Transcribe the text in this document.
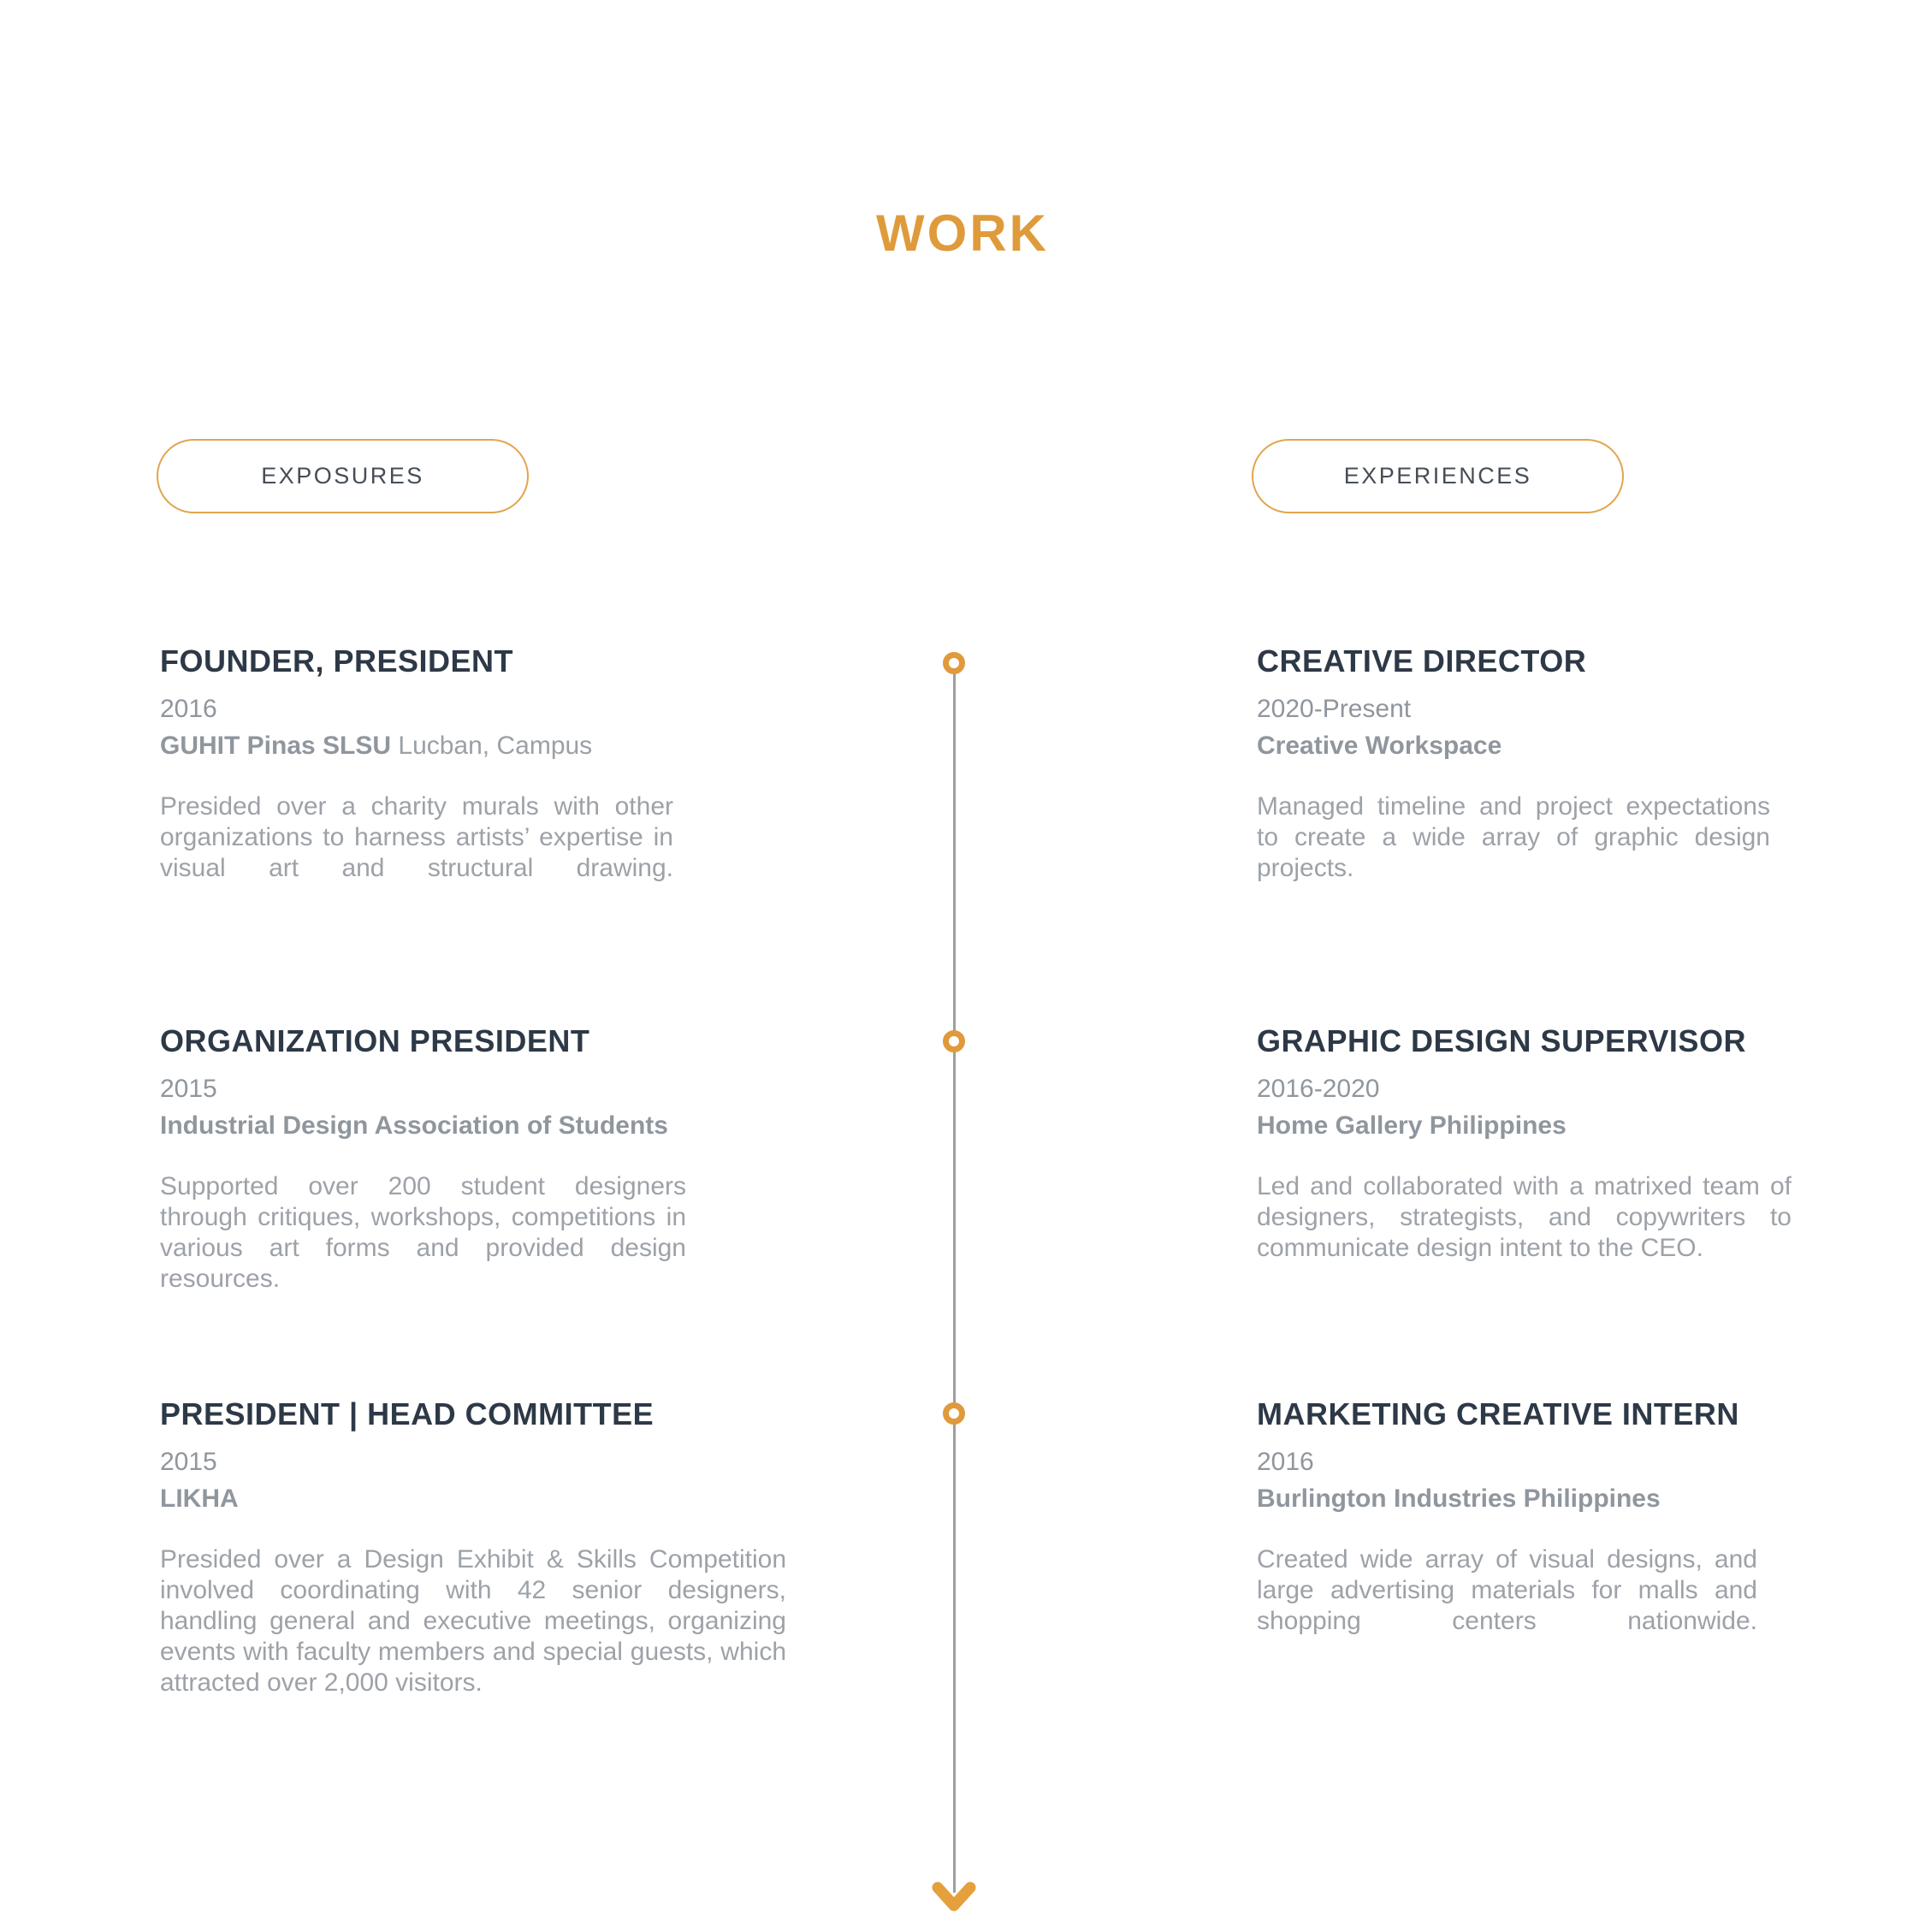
WORK
EXPOSURES	EXPERIENCES
FOUNDER, PRESIDENT
2016
GUHIT Pinas SLSU Lucban, Campus

Presided over a charity murals with other organizations to harness artists’ expertise in visual art and structural drawing.

ORGANIZATION PRESIDENT
2015
Industrial Design Association of Students

Supported over 200 student designers through critiques, workshops, competitions in various art forms and provided design resources.

PRESIDENT | HEAD COMMITTEE
2015
LIKHA

Presided over a Design Exhibit & Skills Competition involved coordinating with 42 senior designers, handling general and executive meetings, organizing events with faculty members and special guests, which attracted over 2,000 visitors.

CREATIVE DIRECTOR
2020-Present
Creative Workspace

Managed timeline and project expectations to create a wide array of graphic design projects.

GRAPHIC DESIGN SUPERVISOR
2016-2020
Home Gallery Philippines

Led and collaborated with a matrixed team of designers, strategists, and copywriters to communicate design intent to the CEO.

MARKETING CREATIVE INTERN
2016
Burlington Industries Philippines

Created wide array of visual designs, and large advertising materials for malls and shopping centers nationwide.
